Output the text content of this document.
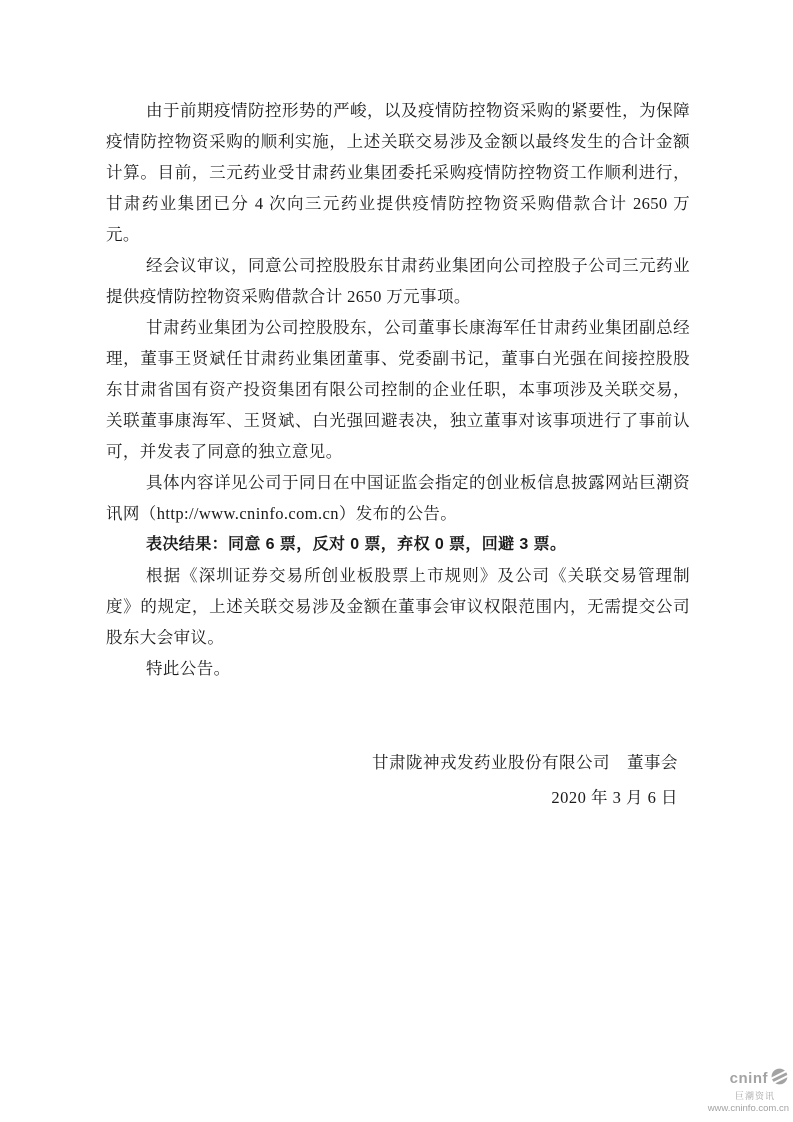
由于前期疫情防控形势的严峻，以及疫情防控物资采购的紧要性，为保障疫情防控物资采购的顺利实施，上述关联交易涉及金额以最终发生的合计金额计算。目前，三元药业受甘肃药业集团委托采购疫情防控物资工作顺利进行，甘肃药业集团已分 4 次向三元药业提供疫情防控物资采购借款合计 2650 万元。

经会议审议，同意公司控股股东甘肃药业集团向公司控股子公司三元药业提供疫情防控物资采购借款合计 2650 万元事项。

甘肃药业集团为公司控股股东，公司董事长康海军任甘肃药业集团副总经理，董事王贤斌任甘肃药业集团董事、党委副书记，董事白光强在间接控股股东甘肃省国有资产投资集团有限公司控制的企业任职，本事项涉及关联交易，关联董事康海军、王贤斌、白光强回避表决，独立董事对该事项进行了事前认可，并发表了同意的独立意见。

具体内容详见公司于同日在中国证监会指定的创业板信息披露网站巨潮资讯网（http://www.cninfo.com.cn）发布的公告。

表决结果：同意 6 票，反对 0 票，弃权 0 票，回避 3 票。

根据《深圳证券交易所创业板股票上市规则》及公司《关联交易管理制度》的规定，上述关联交易涉及金额在董事会审议权限范围内，无需提交公司股东大会审议。

特此公告。

甘肃陇神戎发药业股份有限公司　董事会
2020 年 3 月 6 日
cninf
巨潮资讯
www.cninfo.com.cn
